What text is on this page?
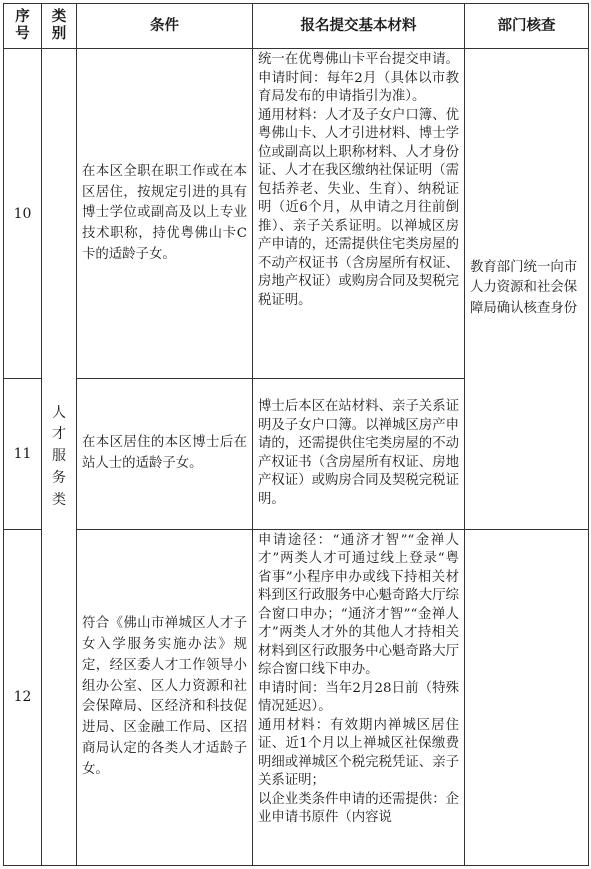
序
号	类
别	条件	报名提交基本材料	部门核查
10	人
才
服
务
类	在本区全职在职工作或在本区居住，按规定引进的具有博士学位或副高及以上专业技术职称，持优粤佛山卡C卡的适龄子女。	统一在优粤佛山卡平台提交申请。
申请时间：每年2月（具体以市教育局发布的申请指引为准）。
通用材料：人才及子女户口簿、优粤佛山卡、人才引进材料、博士学位或副高以上职称材料、人才身份证、人才在我区缴纳社保证明（需包括养老、失业、生育）、纳税证明（近6个月，从申请之月往前倒推）、亲子关系证明。以禅城区房产申请的，还需提供住宅类房屋的不动产权证书（含房屋所有权证、房地产权证）或购房合同及契税完税证明。	教育部门统一向市人力资源和社会保障局确认核查身份
11		在本区居住的本区博士后在站人士的适龄子女。	博士后本区在站材料、亲子关系证明及子女户口簿。以禅城区房产申请的，还需提供住宅类房屋的不动产权证书（含房屋所有权证、房地产权证）或购房合同及契税完税证明。	

12		符合《佛山市禅城区人才子女入学服务实施办法》规定，经区委人才工作领导小组办公室、区人力资源和社会保障局、区经济和科技促进局、区金融工作局、区招商局认定的各类人才适龄子女。	申请途径：“通济才智”“金禅人才”两类人才可通过线上登录“粤省事”小程序申办或线下持相关材料到区行政服务中心魁奇路大厅综合窗口申办；“通济才智”“金禅人才”两类人才外的其他人才持相关材料到区行政服务中心魁奇路大厅综合窗口线下申办。
申请时间：当年2月28日前（特殊情况延迟）。
通用材料：有效期内禅城区居住证、近1个月以上禅城区社保缴费明细或禅城区个税完税凭证、亲子关系证明；
以企业类条件申请的还需提供：企业申请书原件（内容说	
